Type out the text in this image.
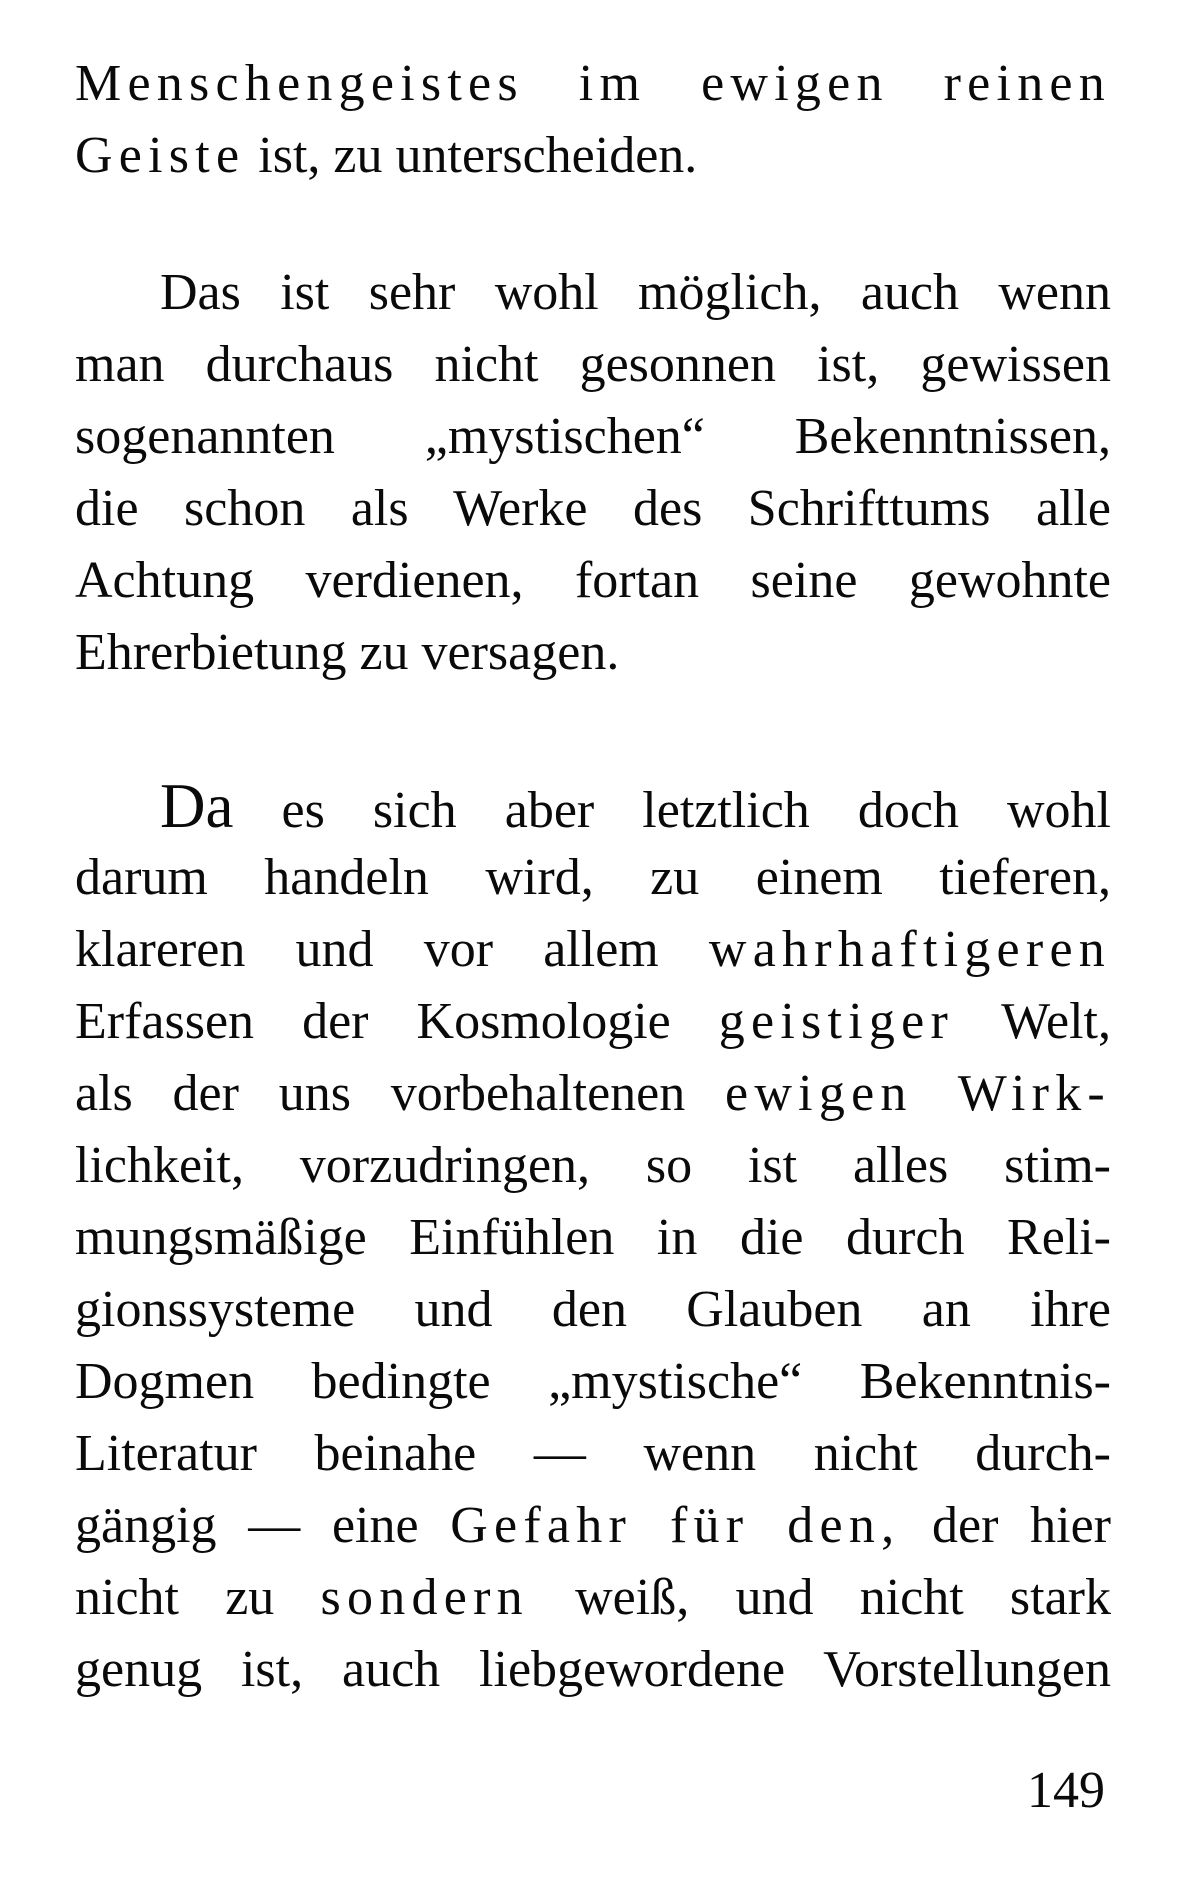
Menschengeistes im ewigen reinen
Geiste ist, zu unterscheiden.
Das ist sehr wohl möglich, auch wenn
man durchaus nicht gesonnen ist, gewissen
sogenannten „mystischen“ Bekenntnissen,
die schon als Werke des Schrifttums alle
Achtung verdienen, fortan seine gewohnte
Ehrerbietung zu versagen.
Da es sich aber letztlich doch wohl
darum handeln wird, zu einem tieferen,
klareren und vor allem wahrhaftigeren
Erfassen der Kosmologie geistiger Welt,
als der uns vorbehaltenen ewigen Wirk-
lichkeit, vorzudringen, so ist alles stim-
mungsmäßige Einfühlen in die durch Reli-
gionssysteme und den Glauben an ihre
Dogmen bedingte „mystische“ Bekenntnis-
Literatur beinahe — wenn nicht durch-
gängig — eine Gefahr für den, der hier
nicht zu sondern weiß, und nicht stark
genug ist, auch liebgewordene Vorstellungen
149
